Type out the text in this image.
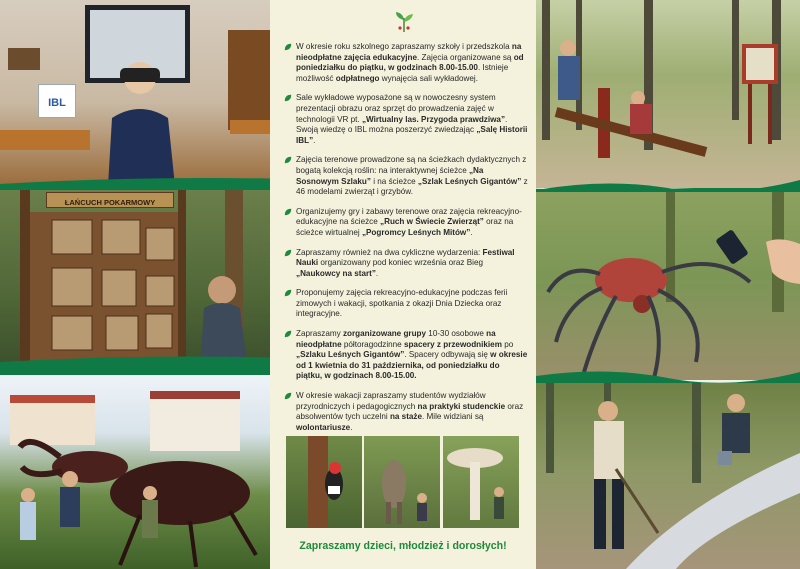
IBL
ŁAŃCUCH POKARMOWY
W okresie roku szkolnego zapraszamy szkoły i przedszkola na nieodpłatne zajęcia edukacyjne. Zajęcia organizowane są od poniedziałku do piątku, w godzinach 8.00-15.00. Istnieje możliwość odpłatnego wynajęcia sali wykładowej.
Sale wykładowe wyposażone są w nowoczesny system prezentacji obrazu oraz sprzęt do prowadzenia zajęć w technologii VR pt. „Wirtualny las. Przygoda prawdziwa”. Swoją wiedzę o IBL można poszerzyć zwiedzając „Salę Historii IBL”.
Zajęcia terenowe prowadzone są na ścieżkach dydaktycznych z bogatą kolekcją roślin: na interaktywnej ścieżce „Na Sosnowym Szlaku” i na ścieżce „Szlak Leśnych Gigantów” z 46 modelami zwierząt i grzybów.
Organizujemy gry i zabawy terenowe oraz zajęcia rekreacyjno-edukacyjne na ścieżce „Ruch w Świecie Zwierząt” oraz na ścieżce wirtualnej „Pogromcy Leśnych Mitów”.
Zapraszamy również na dwa cykliczne wydarzenia: Festiwal Nauki organizowany pod koniec września oraz Bieg „Naukowcy na start”.
Proponujemy zajęcia rekreacyjno-edukacyjne podczas ferii zimowych i wakacji, spotkania z okazji Dnia Dziecka oraz integracyjne.
Zapraszamy zorganizowane grupy 10-30 osobowe na nieodpłatne półtoragodzinne spacery z przewodnikiem po „Szlaku Leśnych Gigantów”. Spacery odbywają się w okresie od 1 kwietnia do 31 października, od poniedziałku do piątku, w godzinach 8.00-15.00.
W okresie wakacji zapraszamy studentów wydziałów przyrodniczych i pedagogicznych na praktyki studenckie oraz absolwentów tych uczelni na staże. Mile widziani są wolontariusze.
Zapraszamy dzieci, młodzież i dorosłych!
